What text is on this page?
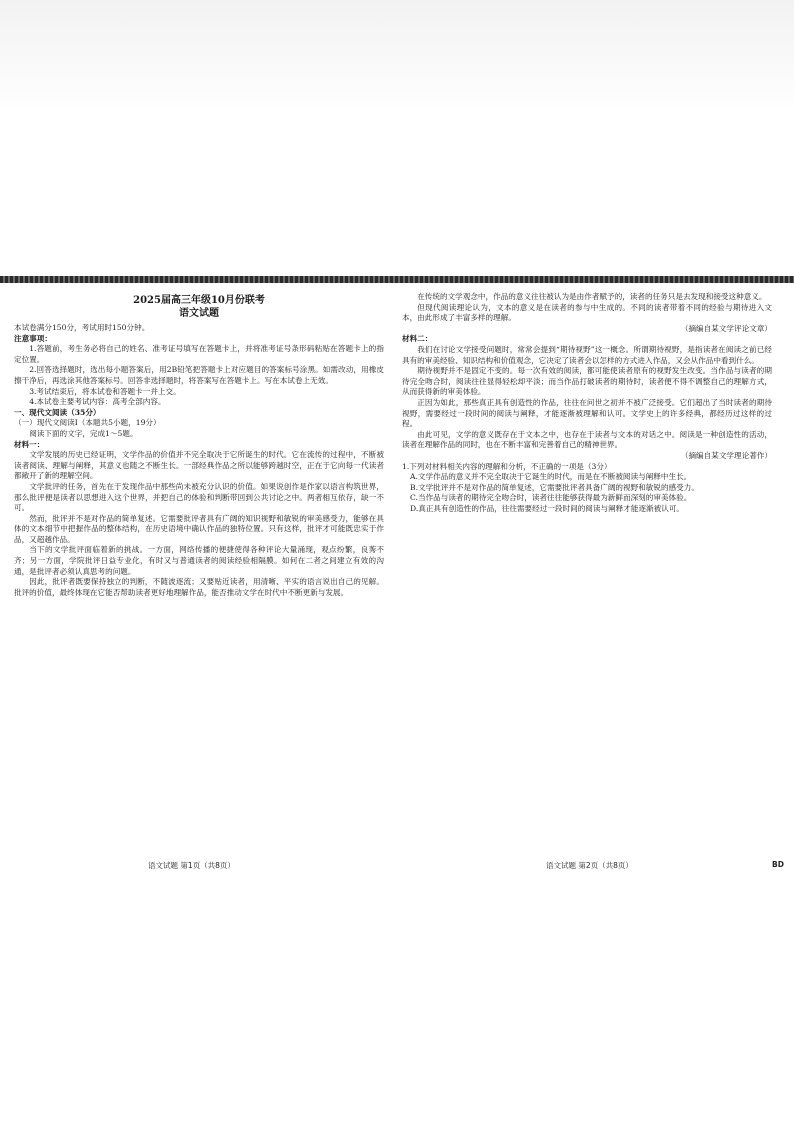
2025届高三年级10月份联考

语文试题

本试卷满分150分，考试用时150分钟。

注意事项：

1.答题前，考生务必将自己的姓名、准考证号填写在答题卡上，并将准考证号条形码粘贴在答题卡上的指定位置。

2.回答选择题时，选出每小题答案后，用2B铅笔把答题卡上对应题目的答案标号涂黑。如需改动，用橡皮擦干净后，再选涂其他答案标号。回答非选择题时，将答案写在答题卡上。写在本试卷上无效。

3.考试结束后，将本试卷和答题卡一并上交。

4.本试卷主要考试内容：高考全部内容。

一、现代文阅读（35分）

（一）现代文阅读Ⅰ（本题共5小题，19分）

阅读下面的文字，完成1～5题。

材料一：

文学发展的历史已经证明，文学作品的价值并不完全取决于它所诞生的时代。它在流传的过程中，不断被读者阅读、理解与阐释，其意义也随之不断生长。一部经典作品之所以能够跨越时空，正在于它向每一代读者都敞开了新的理解空间。

文学批评的任务，首先在于发现作品中那些尚未被充分认识的价值。如果说创作是作家以语言构筑世界，那么批评便是读者以思想进入这个世界，并把自己的体验和判断带回到公共讨论之中。两者相互依存，缺一不可。

然而，批评并不是对作品的简单复述。它需要批评者具有广阔的知识视野和敏锐的审美感受力，能够在具体的文本细节中把握作品的整体结构，在历史语境中确认作品的独特位置。只有这样，批评才可能既忠实于作品，又超越作品。

当下的文学批评面临着新的挑战。一方面，网络传播的便捷使得各种评论大量涌现，观点纷繁，良莠不齐；另一方面，学院批评日益专业化，有时又与普通读者的阅读经验相隔膜。如何在二者之间建立有效的沟通，是批评者必须认真思考的问题。

因此，批评者既要保持独立的判断，不随波逐流；又要贴近读者，用清晰、平实的语言说出自己的见解。批评的价值，最终体现在它能否帮助读者更好地理解作品，能否推动文学在时代中不断更新与发展。

在传统的文学观念中，作品的意义往往被认为是由作者赋予的，读者的任务只是去发现和接受这种意义。

但现代阅读理论认为，文本的意义是在读者的参与中生成的。不同的读者带着不同的经验与期待进入文本，由此形成了丰富多样的理解。

（摘编自某文学评论文章）

材料二：

我们在讨论文学接受问题时，常常会提到“期待视野”这一概念。所谓期待视野，是指读者在阅读之前已经具有的审美经验、知识结构和价值观念，它决定了读者会以怎样的方式进入作品，又会从作品中看到什么。

期待视野并不是固定不变的。每一次有效的阅读，都可能使读者原有的视野发生改变。当作品与读者的期待完全吻合时，阅读往往显得轻松却平淡；而当作品打破读者的期待时，读者便不得不调整自己的理解方式，从而获得新的审美体验。

正因为如此，那些真正具有创造性的作品，往往在问世之初并不被广泛接受。它们超出了当时读者的期待视野，需要经过一段时间的阅读与阐释，才能逐渐被理解和认可。文学史上的许多经典，都经历过这样的过程。

由此可见，文学的意义既存在于文本之中，也存在于读者与文本的对话之中。阅读是一种创造性的活动，读者在理解作品的同时，也在不断丰富和完善着自己的精神世界。

（摘编自某文学理论著作）

1.下列对材料相关内容的理解和分析，不正确的一项是（3分）

A.文学作品的意义并不完全取决于它诞生的时代，而是在不断被阅读与阐释中生长。

B.文学批评并不是对作品的简单复述，它需要批评者具备广阔的视野和敏锐的感受力。

C.当作品与读者的期待完全吻合时，读者往往能够获得最为新鲜而深刻的审美体验。

D.真正具有创造性的作品，往往需要经过一段时间的阅读与阐释才能逐渐被认可。

语文试题 第1页（共8页）	语文试题 第2页（共8页）	BD
